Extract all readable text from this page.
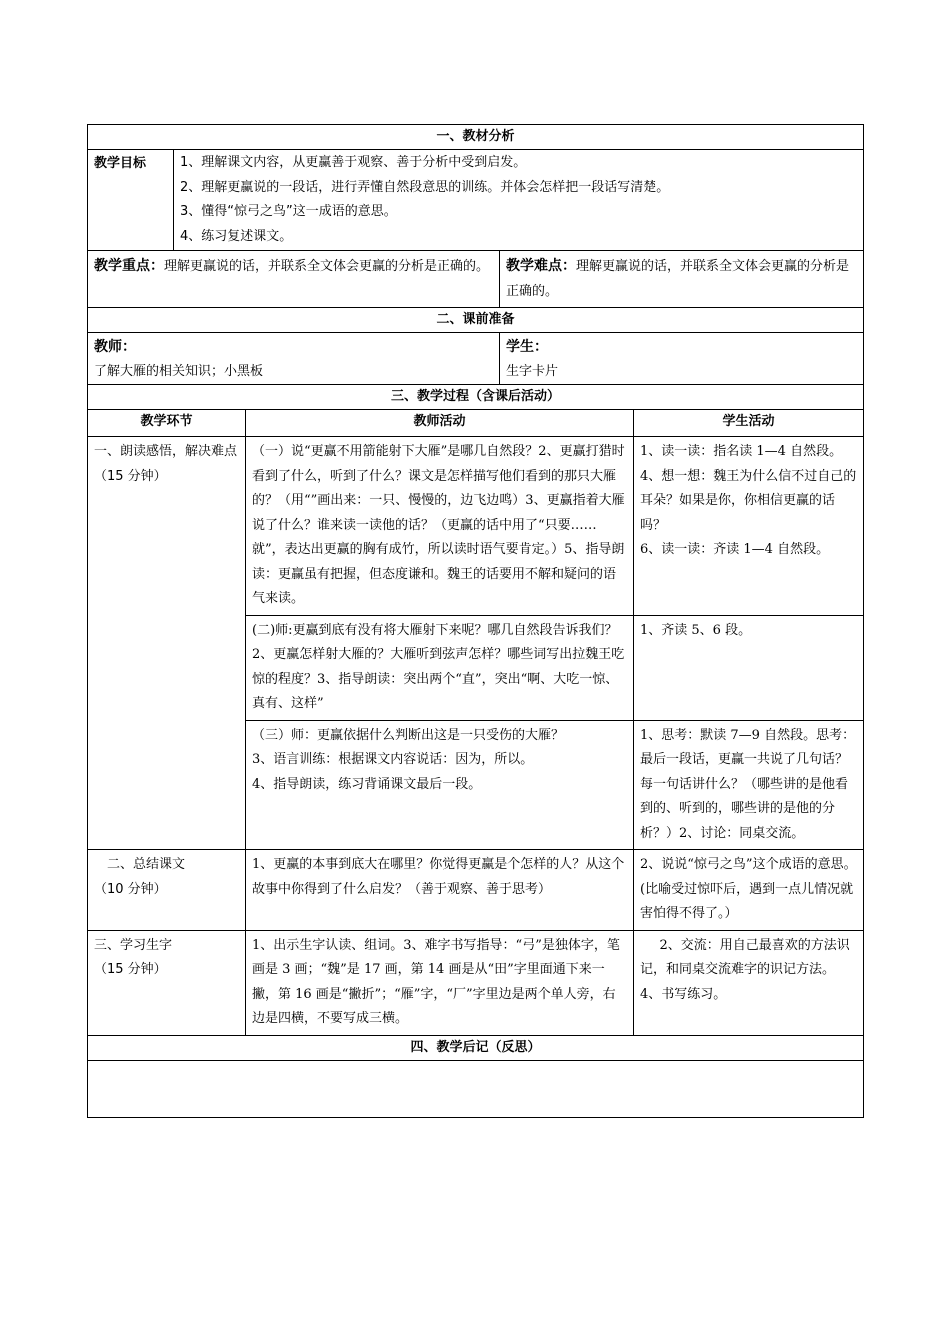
一、教材分析				
教学目标	1、理解课文内容，从更赢善于观察、善于分析中受到启发。
2、理解更赢说的一段话，进行弄懂自然段意思的训练。并体会怎样把一段话写清楚。
3、懂得“惊弓之鸟”这一成语的意思。
4、练习复述课文。			

教学重点：理解更赢说的话，并联系全文体会更赢的分析是正确的。			教学难点：理解更赢说的话，并联系全文体会更赢的分析是正确的。	
二、课前准备				

教师：
了解大雁的相关知识；小黑板			学生：
生字卡片	

三、教学过程（含课后活动）				
教学环节		教师活动		学生活动

一、朗读感悟，解决难点
（15 分钟）		（一）说“更赢不用箭能射下大雁”是哪几自然段？2、更赢打猎时看到了什么，听到了什么？课文是怎样描写他们看到的那只大雁的？（用“”画出来：一只、慢慢的，边飞边鸣）3、更赢指着大雁说了什么？谁来读一读他的话？（更赢的话中用了“只要……就”，表达出更赢的胸有成竹，所以读时语气要肯定。）5、指导朗读：更赢虽有把握，但态度谦和。魏王的话要用不解和疑问的语气来读。		1、读一读：指名读 1—4 自然段。
4、想一想：魏王为什么信不过自己的耳朵？如果是你，你相信更赢的话吗？
6、读一读：齐读 1—4 自然段。

		(二)师:更赢到底有没有将大雁射下来呢？哪几自然段告诉我们？2、更赢怎样射大雁的？大雁听到弦声怎样？哪些词写出拉魏王吃惊的程度？3、指导朗读：突出两个“直”，突出“啊、大吃一惊、真有、这样”		1、齐读 5、6 段。

		（三）师：更赢依据什么判断出这是一只受伤的大雁？
3、语言训练：根据课文内容说话：因为，所以。
4、指导朗读，练习背诵课文最后一段。		1、思考：默读 7—9 自然段。思考：最后一段话，更赢一共说了几句话？每一句话讲什么？（哪些讲的是他看到的、听到的，哪些讲的是他的分析？）2、讨论：同桌交流。

二、总结课文
（10 分钟）		1、更赢的本事到底大在哪里？你觉得更赢是个怎样的人？从这个故事中你得到了什么启发？（善于观察、善于思考）		2、说说“惊弓之鸟”这个成语的意思。(比喻受过惊吓后，遇到一点儿情况就害怕得不得了。）

三、学习生字
（15 分钟）		1、出示生字认读、组词。3、难字书写指导：“弓”是独体字，笔画是 3 画；“魏”是 17 画，第 14 画是从“田”字里面通下来一撇，第 16 画是“撇折”；“雁”字，“厂”字里边是两个单人旁，右边是四横，不要写成三横。		2、交流：用自己最喜欢的方法识记，和同桌交流难字的识记方法。
4、书写练习。

四、教学后记（反思）				
